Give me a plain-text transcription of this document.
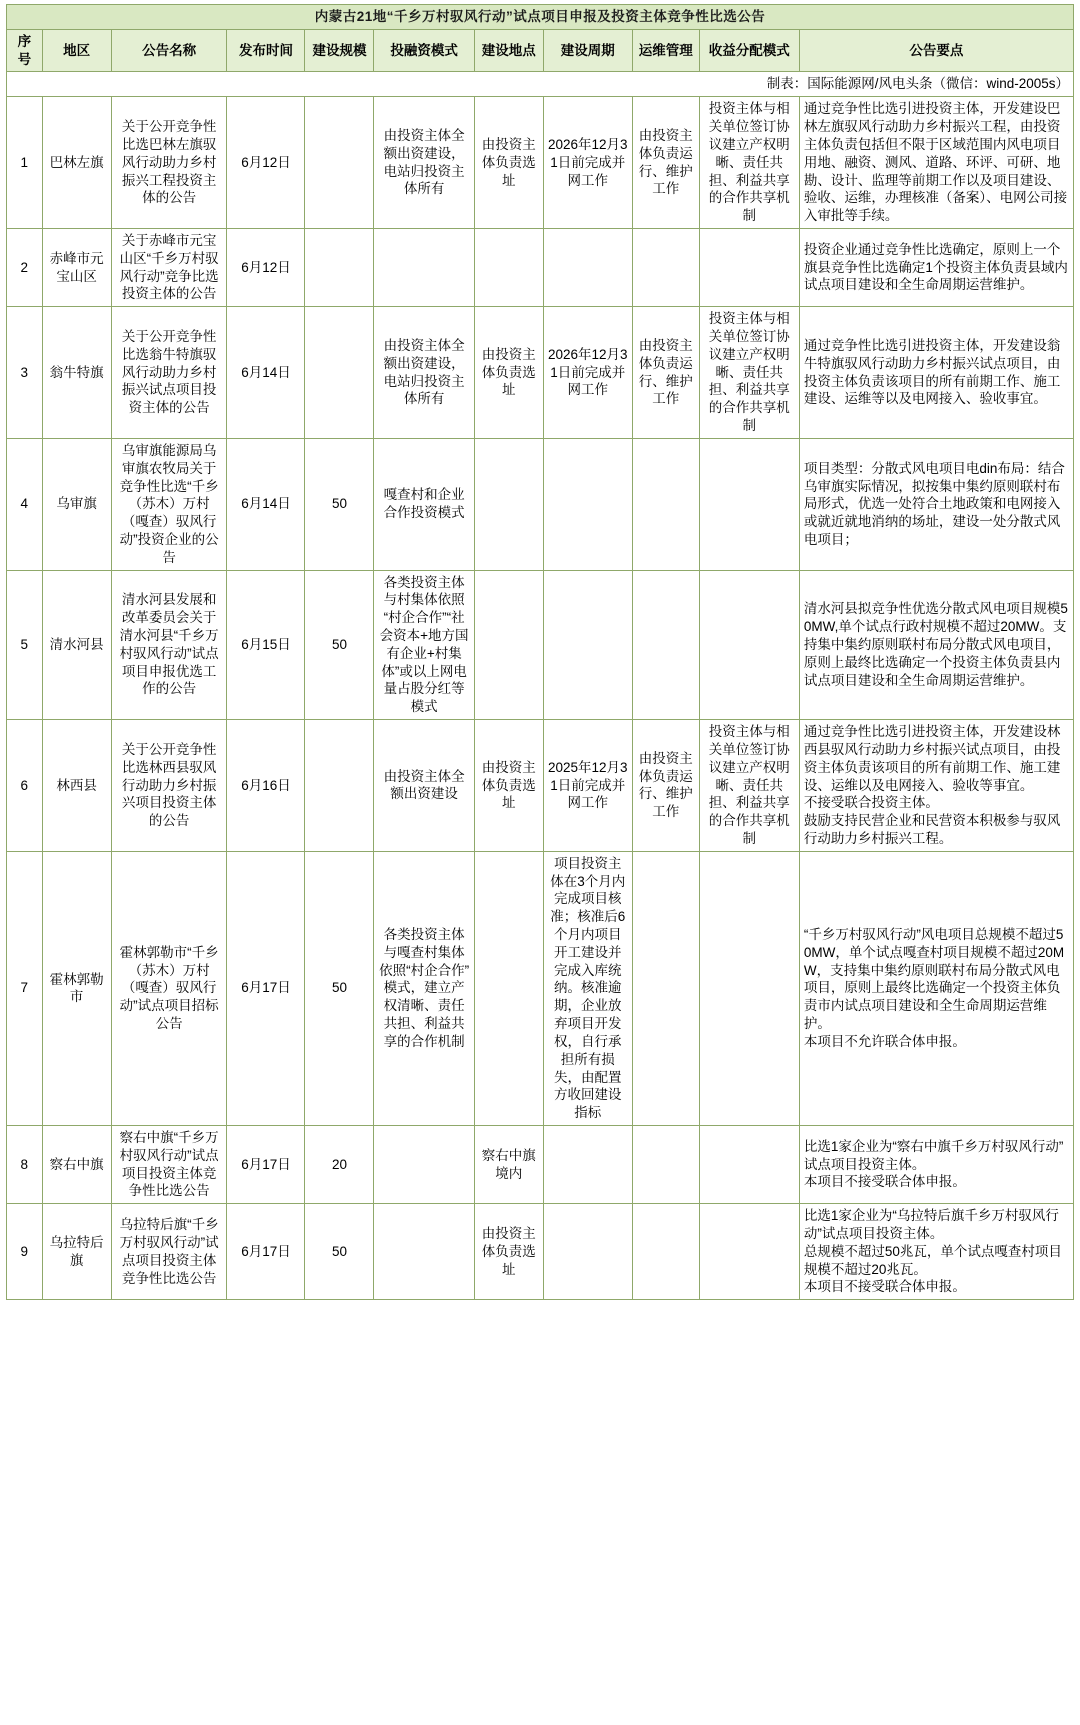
内蒙古21地“千乡万村驭风行动”试点项目申报及投资主体竞争性比选公告										
序号	地区	公告名称	发布时间	建设规模	投融资模式	建设地点	建设周期	运维管理	收益分配模式	公告要点
制表：国际能源网/风电头条（微信：wind-2005s）										
1	巴林左旗	关于公开竞争性比选巴林左旗驭风行动助力乡村振兴工程投资主体的公告	6月12日		由投资主体全额出资建设，电站归投资主体所有	由投资主体负责选址	2026年12月31日前完成并网工作	由投资主体负责运行、维护工作	投资主体与相关单位签订协议建立产权明晰、责任共担、利益共享的合作共享机制	通过竞争性比选引进投资主体，开发建设巴林左旗驭风行动助力乡村振兴工程，由投资主体负责包括但不限于区域范围内风电项目用地、融资、测风、道路、环评、可研、地勘、设计、监理等前期工作以及项目建设、验收、运维，办理核准（备案）、电网公司接入审批等手续。
2	赤峰市元宝山区	关于赤峰市元宝山区“千乡万村驭风行动”竞争比选投资主体的公告	6月12日							投资企业通过竞争性比选确定，原则上一个旗县竞争性比选确定1个投资主体负责县域内试点项目建设和全生命周期运营维护。
3	翁牛特旗	关于公开竞争性比选翁牛特旗驭风行动助力乡村振兴试点项目投资主体的公告	6月14日		由投资主体全额出资建设，电站归投资主体所有	由投资主体负责选址	2026年12月31日前完成并网工作	由投资主体负责运行、维护工作	投资主体与相关单位签订协议建立产权明晰、责任共担、利益共享的合作共享机制	通过竞争性比选引进投资主体，开发建设翁牛特旗驭风行动助力乡村振兴试点项目，由投资主体负责该项目的所有前期工作、施工建设、运维等以及电网接入、验收事宜。
4	乌审旗	乌审旗能源局乌审旗农牧局关于竞争性比选“千乡（苏木）万村（嘎查）驭风行动”投资企业的公告	6月14日	50	嘎查村和企业合作投资模式					项目类型：分散式风电项目电din布局：结合乌审旗实际情况，拟按集中集约原则联村布局形式，优选一处符合土地政策和电网接入或就近就地消纳的场址，建设一处分散式风电项目；
5	清水河县	清水河县发展和改革委员会关于清水河县“千乡万村驭风行动”试点项目申报优选工作的公告	6月15日	50	各类投资主体与村集体依照“村企合作”“社会资本+地方国有企业+村集体”或以上网电量占股分红等模式					清水河县拟竞争性优选分散式风电项目规模50MW,单个试点行政村规模不超过20MW。支持集中集约原则联村布局分散式风电项目，原则上最终比选确定一个投资主体负责县内试点项目建设和全生命周期运营维护。
6	林西县	关于公开竞争性比选林西县驭风行动助力乡村振兴项目投资主体的公告	6月16日		由投资主体全额出资建设	由投资主体负责选址	2025年12月31日前完成并网工作	由投资主体负责运行、维护工作	投资主体与相关单位签订协议建立产权明晰、责任共担、利益共享的合作共享机制	通过竞争性比选引进投资主体，开发建设林西县驭风行动助力乡村振兴试点项目，由投资主体负责该项目的所有前期工作、施工建设、运维以及电网接入、验收等事宜。
不接受联合投资主体。
鼓励支持民营企业和民营资本积极参与驭风行动助力乡村振兴工程。
7	霍林郭勒市	霍林郭勒市“千乡（苏木）万村（嘎查）驭风行动”试点项目招标公告	6月17日	50	各类投资主体与嘎查村集体依照“村企合作”模式，建立产权清晰、责任共担、利益共享的合作机制		项目投资主体在3个月内完成项目核准；核准后6个月内项目开工建设并完成入库统纳。核准逾期，企业放弃项目开发权，自行承担所有损失，由配置方收回建设指标			“千乡万村驭风行动”风电项目总规模不超过50MW，单个试点嘎查村项目规模不超过20MW，支持集中集约原则联村布局分散式风电项目，原则上最终比选确定一个投资主体负责市内试点项目建设和全生命周期运营维护。
本项目不允许联合体申报。
8	察右中旗	察右中旗“千乡万村驭风行动”试点项目投资主体竞争性比选公告	6月17日	20		察右中旗境内				比选1家企业为“察右中旗千乡万村驭风行动”试点项目投资主体。
本项目不接受联合体申报。
9	乌拉特后旗	乌拉特后旗“千乡万村驭风行动”试点项目投资主体竞争性比选公告	6月17日	50		由投资主体负责选址				比选1家企业为“乌拉特后旗千乡万村驭风行动”试点项目投资主体。
总规模不超过50兆瓦，单个试点嘎查村项目规模不超过20兆瓦。
本项目不接受联合体申报。
